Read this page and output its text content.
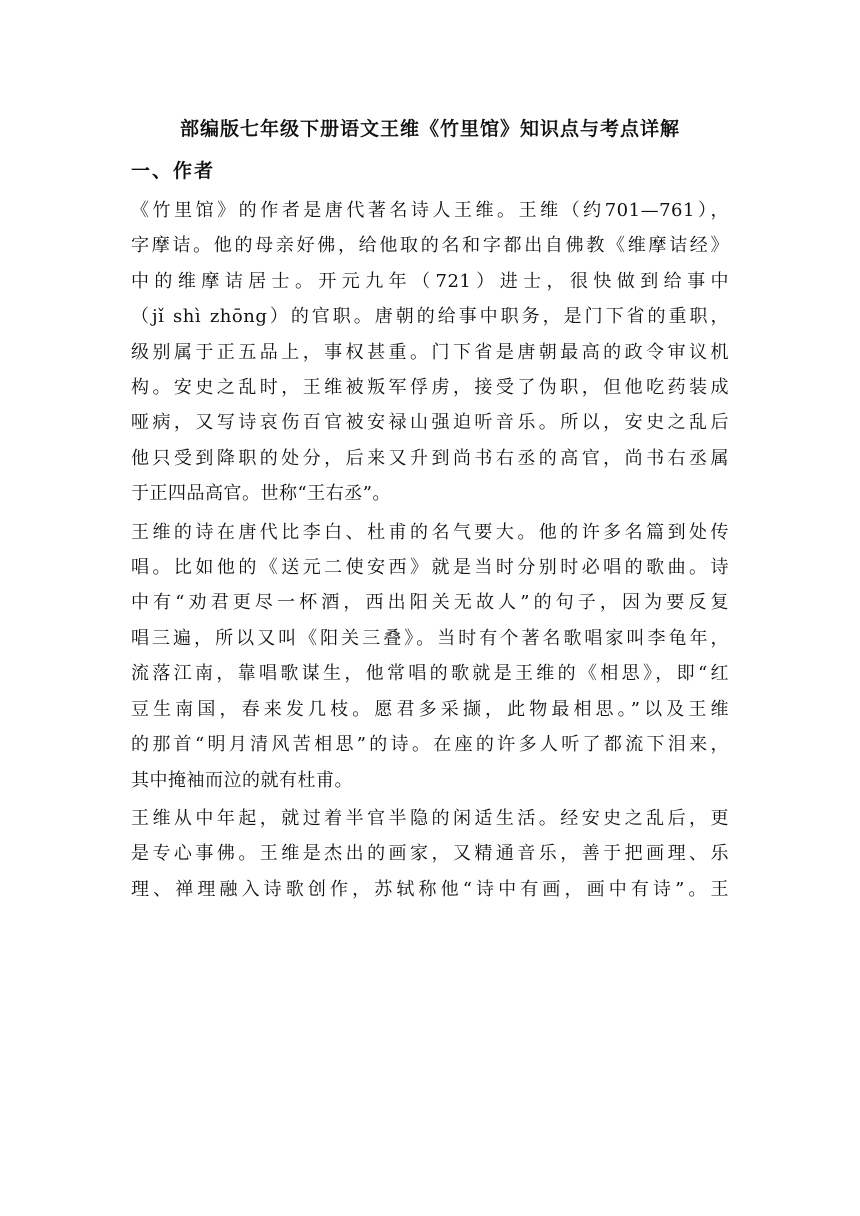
部编版七年级下册语文王维《竹里馆》知识点与考点详解
一、作者

《竹里馆》的作者是唐代著名诗人王维。王维（约701—761），
字摩诘。他的母亲好佛，给他取的名和字都出自佛教《维摩诘经》
中的维摩诘居士。开元九年（721）进士，很快做到给事中
（jǐ shì zhōng）的官职。唐朝的给事中职务，是门下省的重职，
级别属于正五品上，事权甚重。门下省是唐朝最高的政令审议机
构。安史之乱时，王维被叛军俘虏，接受了伪职，但他吃药装成
哑病，又写诗哀伤百官被安禄山强迫听音乐。所以，安史之乱后
他只受到降职的处分，后来又升到尚书右丞的高官，尚书右丞属
于正四品高官。世称“王右丞”。

王维的诗在唐代比李白、杜甫的名气要大。他的许多名篇到处传
唱。比如他的《送元二使安西》就是当时分别时必唱的歌曲。诗
中有“劝君更尽一杯酒，西出阳关无故人”的句子，因为要反复
唱三遍，所以又叫《阳关三叠》。当时有个著名歌唱家叫李龟年，
流落江南，靠唱歌谋生，他常唱的歌就是王维的《相思》，即“红
豆生南国，春来发几枝。愿君多采撷，此物最相思。”以及王维
的那首“明月清风苦相思”的诗。在座的许多人听了都流下泪来，
其中掩袖而泣的就有杜甫。

王维从中年起，就过着半官半隐的闲适生活。经安史之乱后，更
是专心事佛。王维是杰出的画家，又精通音乐，善于把画理、乐
理、禅理融入诗歌创作，苏轼称他“诗中有画，画中有诗”。王
